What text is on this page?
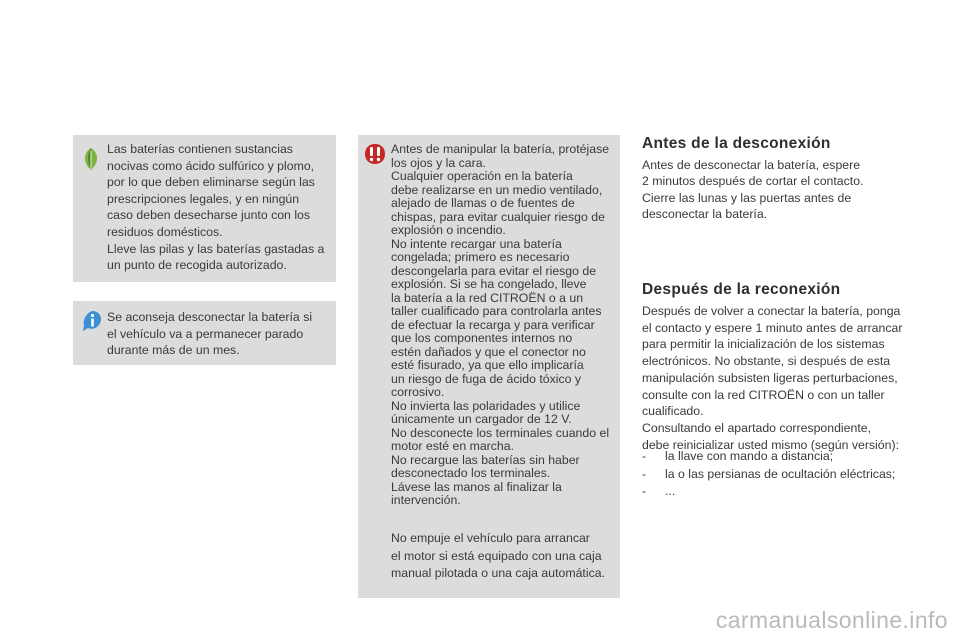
Las baterías contienen sustancias
nocivas como ácido sulfúrico y plomo,
por lo que deben eliminarse según las
prescripciones legales, y en ningún
caso deben desecharse junto con los
residuos domésticos.
Lleve las pilas y las baterías gastadas a
un punto de recogida autorizado.
Se aconseja desconectar la batería si
el vehículo va a permanecer parado
durante más de un mes.
Antes de manipular la batería, protéjase
los ojos y la cara.
Cualquier operación en la batería
debe realizarse en un medio ventilado,
alejado de llamas o de fuentes de
chispas, para evitar cualquier riesgo de
explosión o incendio.
No intente recargar una batería
congelada; primero es necesario
descongelarla para evitar el riesgo de
explosión. Si se ha congelado, lleve
la batería a la red CITROËN o a un
taller cualificado para controlarla antes
de efectuar la recarga y para verificar
que los componentes internos no
estén dañados y que el conector no
esté fisurado, ya que ello implicaría
un riesgo de fuga de ácido tóxico y
corrosivo.
No invierta las polaridades y utilice
únicamente un cargador de 12 V.
No desconecte los terminales cuando el
motor esté en marcha.
No recargue las baterías sin haber
desconectado los terminales.
Lávese las manos al finalizar la
intervención.
No empuje el vehículo para arrancar
el motor si está equipado con una caja
manual pilotada o una caja automática.
Antes de la desconexión
Antes de desconectar la batería, espere
2 minutos después de cortar el contacto.
Cierre las lunas y las puertas antes de
desconectar la batería.
Después de la reconexión
Después de volver a conectar la batería, ponga
el contacto y espere 1 minuto antes de arrancar
para permitir la inicialización de los sistemas
electrónicos. No obstante, si después de esta
manipulación subsisten ligeras perturbaciones,
consulte con la red CITROËN o con un taller
cualificado.
Consultando el apartado correspondiente,
debe reinicializar usted mismo (según versión):
- la llave con mando a distancia;
- la o las persianas de ocultación eléctricas;
- ...
carmanualsonline.info
